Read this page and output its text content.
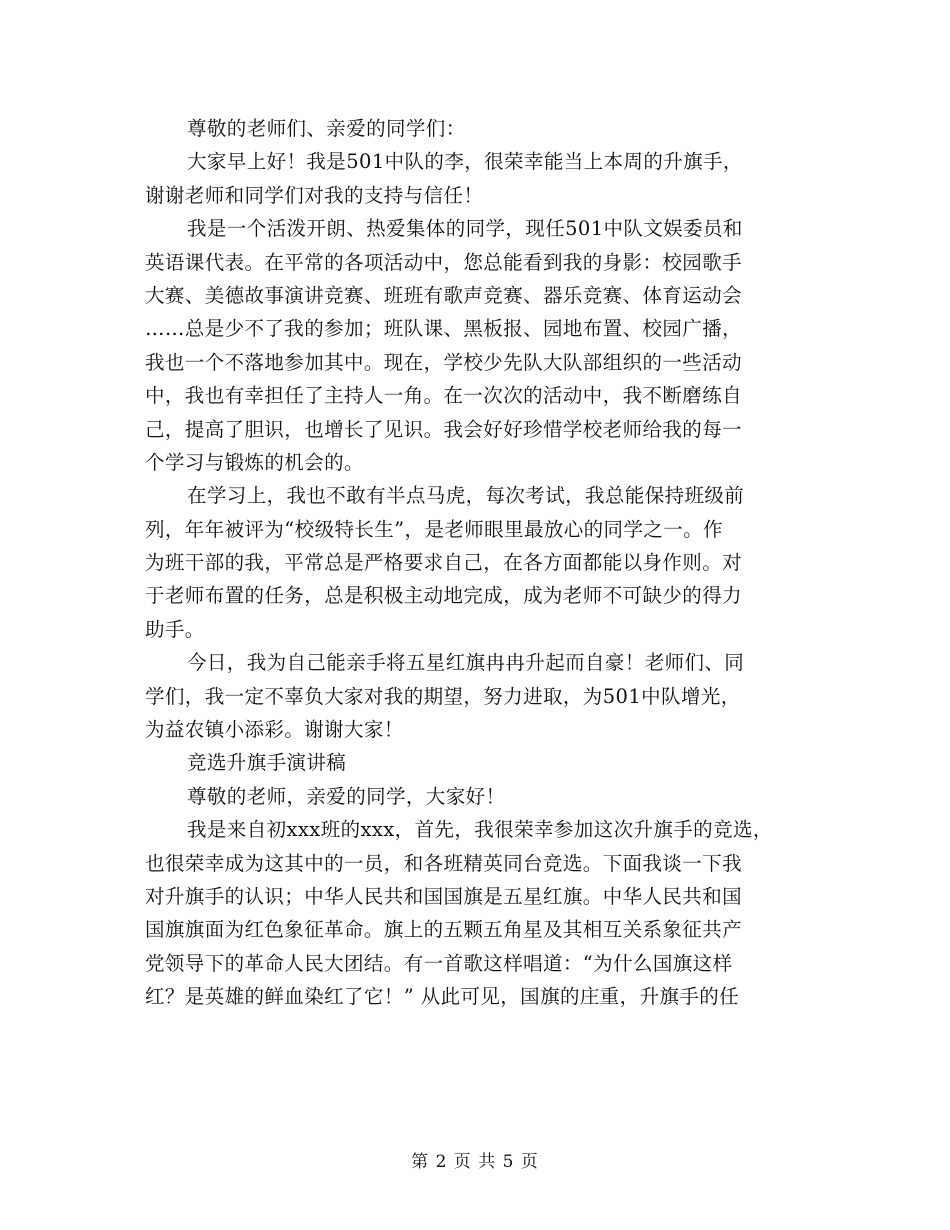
尊敬的老师们、亲爱的同学们：
大家早上好！我是501中队的李，很荣幸能当上本周的升旗手，
谢谢老师和同学们对我的支持与信任！
我是一个活泼开朗、热爱集体的同学，现任501中队文娱委员和
英语课代表。在平常的各项活动中，您总能看到我的身影：校园歌手
大赛、美德故事演讲竞赛、班班有歌声竞赛、器乐竞赛、体育运动会
……总是少不了我的参加；班队课、黑板报、园地布置、校园广播，
我也一个不落地参加其中。现在，学校少先队大队部组织的一些活动
中，我也有幸担任了主持人一角。在一次次的活动中，我不断磨练自
己，提高了胆识，也增长了见识。我会好好珍惜学校老师给我的每一
个学习与锻炼的机会的。
在学习上，我也不敢有半点马虎，每次考试，我总能保持班级前
列，年年被评为“校级特长生”，是老师眼里最放心的同学之一。作
为班干部的我，平常总是严格要求自己，在各方面都能以身作则。对
于老师布置的任务，总是积极主动地完成，成为老师不可缺少的得力
助手。
今日，我为自己能亲手将五星红旗冉冉升起而自豪！老师们、同
学们，我一定不辜负大家对我的期望，努力进取，为501中队增光，
为益农镇小添彩。谢谢大家！
竞选升旗手演讲稿
尊敬的老师，亲爱的同学，大家好！
我是来自初xxx班的xxx，首先，我很荣幸参加这次升旗手的竞选，
也很荣幸成为这其中的一员，和各班精英同台竞选。下面我谈一下我
对升旗手的认识；中华人民共和国国旗是五星红旗。中华人民共和国
国旗旗面为红色象征革命。旗上的五颗五角星及其相互关系象征共产
党领导下的革命人民大团结。有一首歌这样唱道：“为什么国旗这样
红？是英雄的鲜血染红了它！” 从此可见，国旗的庄重，升旗手的任
第 2 页 共 5 页
